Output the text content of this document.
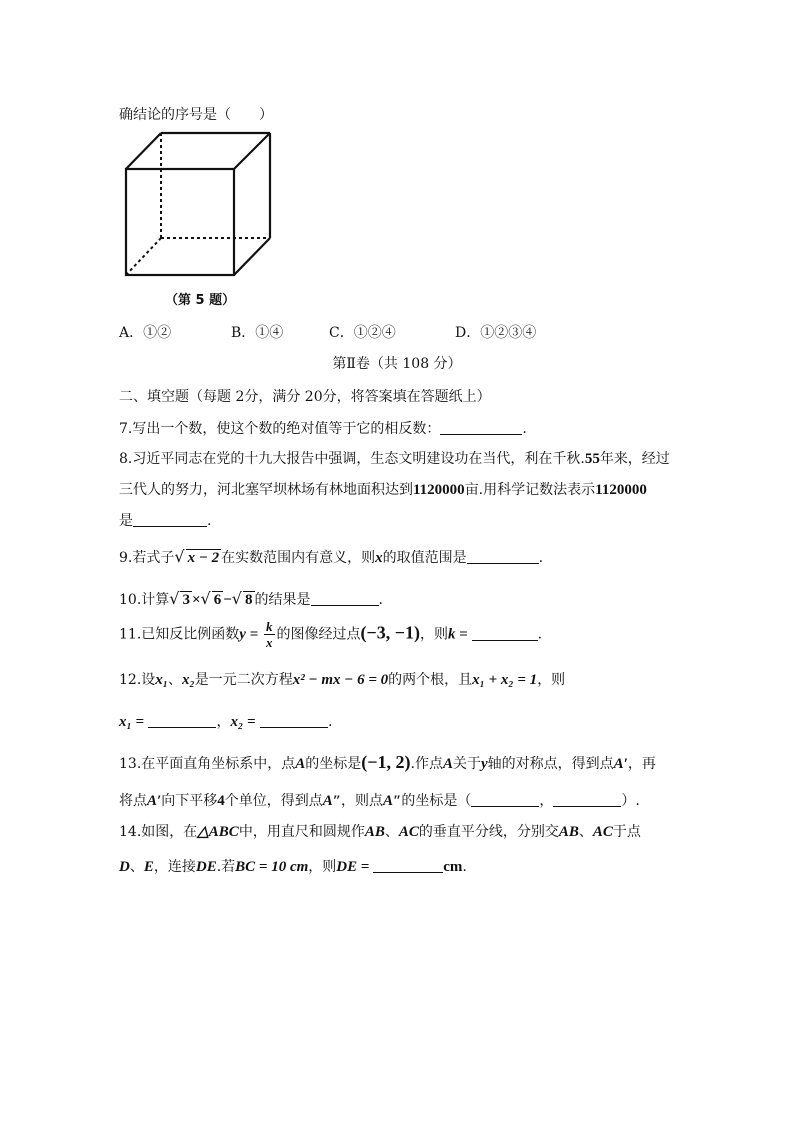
确结论的序号是（　　）
（第 5 题）
A．①②	B．①④	C．①②④	D．①②③④
第Ⅱ卷（共 108 分）
二、填空题（每题 2分，满分 20分，将答案填在答题纸上）
7.写出一个数，使这个数的绝对值等于它的相反数：	.
8.习近平同志在党的十九大报告中强调，生态文明建设功在当代，利在千秋.55年来，经过
三代人的努力，河北塞罕坝林场有林地面积达到1120000亩.用科学记数法表示1120000
是	.
9.若式子√ x − 2 在实数范围内有意义，则x的取值范围是	.
10.计算√ 3 ×√ 6 −√ 8 的结果是	.
11.已知反比例函数$y = \frac{k}{x}$ 的图像经过点(−3, −1)，则k =	.
12.设x₁、x₂是一元二次方程x² − mx − 6 = 0的两个根，且x₁ + x₂ = 1，则
x₁ =	，x₂ =	.
13.在平面直角坐标系中，点A的坐标是(−1, 2).作点A关于y轴的对称点，得到点A′，再
将点A′向下平移4个单位，得到点A″，则点A″的坐标是（	，	）.
14.如图，在△ABC中，用直尺和圆规作AB、AC的垂直平分线，分别交AB、AC于点
D、E，连接DE.若BC = 10 cm，则DE =	cm.
